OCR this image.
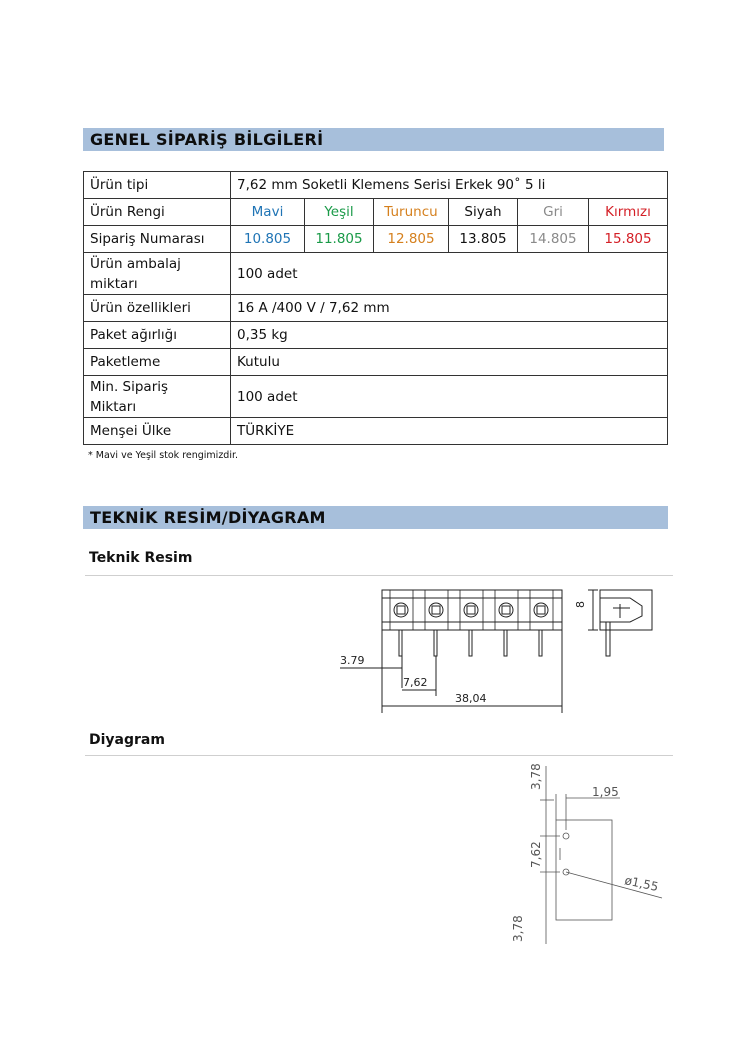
GENEL SİPARİŞ BİLGİLERİ
Ürün tipi	7,62 mm Soketli Klemens Serisi Erkek 90˚ 5 li					
Ürün Rengi	Mavi	Yeşil	Turuncu	Siyah	Gri	Kırmızı
Sipariş Numarası	10.805	11.805	12.805	13.805	14.805	15.805
Ürün ambalaj
miktarı	100 adet					
Ürün özellikleri	16 A /400 V / 7,62 mm					
Paket ağırlığı	0,35 kg					
Paketleme	Kutulu					
Min. Sipariş
Miktarı	100 adet					
Menşei Ülke	TÜRKİYE					
* Mavi ve Yeşil stok rengimizdir.
TEKNİK RESİM/DİYAGRAM
Teknik Resim
3.79
7,62
38,04
8
Diyagram
3,78
1,95
7,62
ø1,55
3,78
